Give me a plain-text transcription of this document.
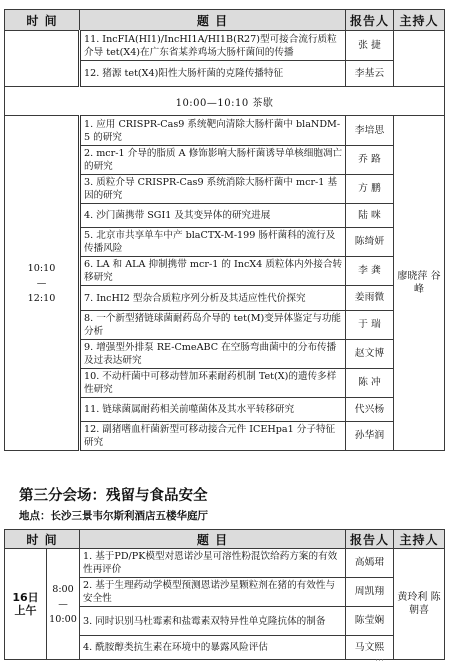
时 间	题 目	报告人	主持人
	11. IncFIA(HI1)/IncHI1A/HI1B(R27)型可接合流行质粒介导 tet(X4)在广东省某养鸡场大肠杆菌间的传播	张 捷	
	12. 猪源 tet(X4)阳性大肠杆菌的克隆传播特征	李基云	
10:00—10:10 茶歇			

10:10
—
12:10	1. 应用 CRISPR-Cas9 系统靶向清除大肠杆菌中 blaNDM-5 的研究	李培思	廖晓萍 谷 峰
	2. mcr-1 介导的脂质 A 修饰影响大肠杆菌诱导单核细胞凋亡的研究	乔 路	
	3. 质粒介导 CRISPR-Cas9 系统消除大肠杆菌中 mcr-1 基因的研究	方 鹏	
	4. 沙门菌携带 SGI1 及其变异体的研究进展	陆 咪	
	5. 北京市共享单车中产 blaCTX-M-199 肠杆菌科的流行及传播风险	陈绮妍	
	6. LA 和 ALA 抑制携带 mcr-1 的 IncX4 质粒体内外接合转移研究	李 龚	
	7. IncHI2 型杂合质粒序列分析及其适应性代价探究	姜雨微	
	8. 一个新型猪链球菌耐药岛介导的 tet(M)变异体鉴定与功能分析	于 瑞	
	9. 增强型外排泵 RE-CmeABC 在空肠弯曲菌中的分布传播及过表达研究	赵文博	
	10. 不动杆菌中可移动替加环素耐药机制 Tet(X)的遗传多样性研究	陈 冲	
	11. 链球菌属耐药相关前噬菌体及其水平转移研究	代兴杨	
	12. 副猪嗜血杆菌新型可移动接合元件 ICEHpa1 分子特征研究	孙华润	
第三分会场：残留与食品安全
地点：长沙三景韦尔斯利酒店五楼华庭厅
时 间		题 目	报告人	主持人
16日 上午	8:00
—
10:00	1. 基于PD/PK模型对恩诺沙星可溶性粉混饮给药方案的有效性再评价	高嫣珺	黄玲利 陈朝喜
		2. 基于生理药动学模型预测恩诺沙星颗粒剂在猪的有效性与安全性	周凯翔	
		3. 同时识别马杜霉素和盐霉素双特异性单克隆抗体的制备	陈莹娴	
		4. 酰胺醇类抗生素在环境中的暴露风险评估	马文熙	
⋯
